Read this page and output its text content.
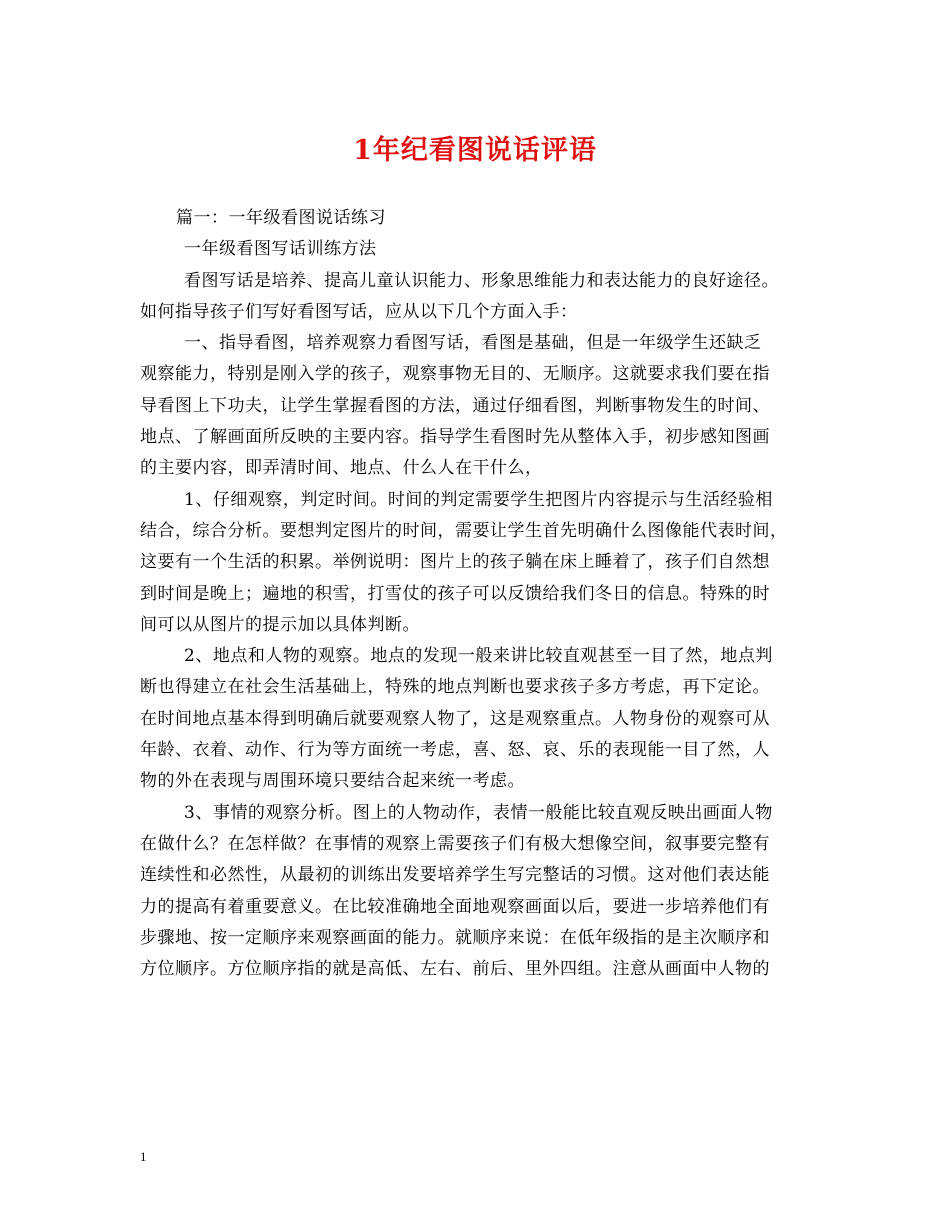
1年纪看图说话评语

篇一：一年级看图说话练习

一年级看图写话训练方法

看图写话是培养、提高儿童认识能力、形象思维能力和表达能力的良好途径。

如何指导孩子们写好看图写话，应从以下几个方面入手：

一、指导看图，培养观察力看图写话，看图是基础，但是一年级学生还缺乏

观察能力，特别是刚入学的孩子，观察事物无目的、无顺序。这就要求我们要在指

导看图上下功夫，让学生掌握看图的方法，通过仔细看图，判断事物发生的时间、

地点、了解画面所反映的主要内容。指导学生看图时先从整体入手，初步感知图画

的主要内容，即弄清时间、地点、什么人在干什么，

1、仔细观察，判定时间。时间的判定需要学生把图片内容提示与生活经验相

结合，综合分析。要想判定图片的时间，需要让学生首先明确什么图像能代表时间，

这要有一个生活的积累。举例说明：图片上的孩子躺在床上睡着了，孩子们自然想

到时间是晚上；遍地的积雪，打雪仗的孩子可以反馈给我们冬日的信息。特殊的时

间可以从图片的提示加以具体判断。

2、地点和人物的观察。地点的发现一般来讲比较直观甚至一目了然，地点判

断也得建立在社会生活基础上，特殊的地点判断也要求孩子多方考虑，再下定论。

在时间地点基本得到明确后就要观察人物了，这是观察重点。人物身份的观察可从

年龄、衣着、动作、行为等方面统一考虑，喜、怒、哀、乐的表现能一目了然，人

物的外在表现与周围环境只要结合起来统一考虑。

3、事情的观察分析。图上的人物动作，表情一般能比较直观反映出画面人物

在做什么？在怎样做？在事情的观察上需要孩子们有极大想像空间，叙事要完整有

连续性和必然性，从最初的训练出发要培养学生写完整话的习惯。这对他们表达能

力的提高有着重要意义。在比较准确地全面地观察画面以后，要进一步培养他们有

步骤地、按一定顺序来观察画面的能力。就顺序来说：在低年级指的是主次顺序和

方位顺序。方位顺序指的就是高低、左右、前后、里外四组。注意从画面中人物的

1
